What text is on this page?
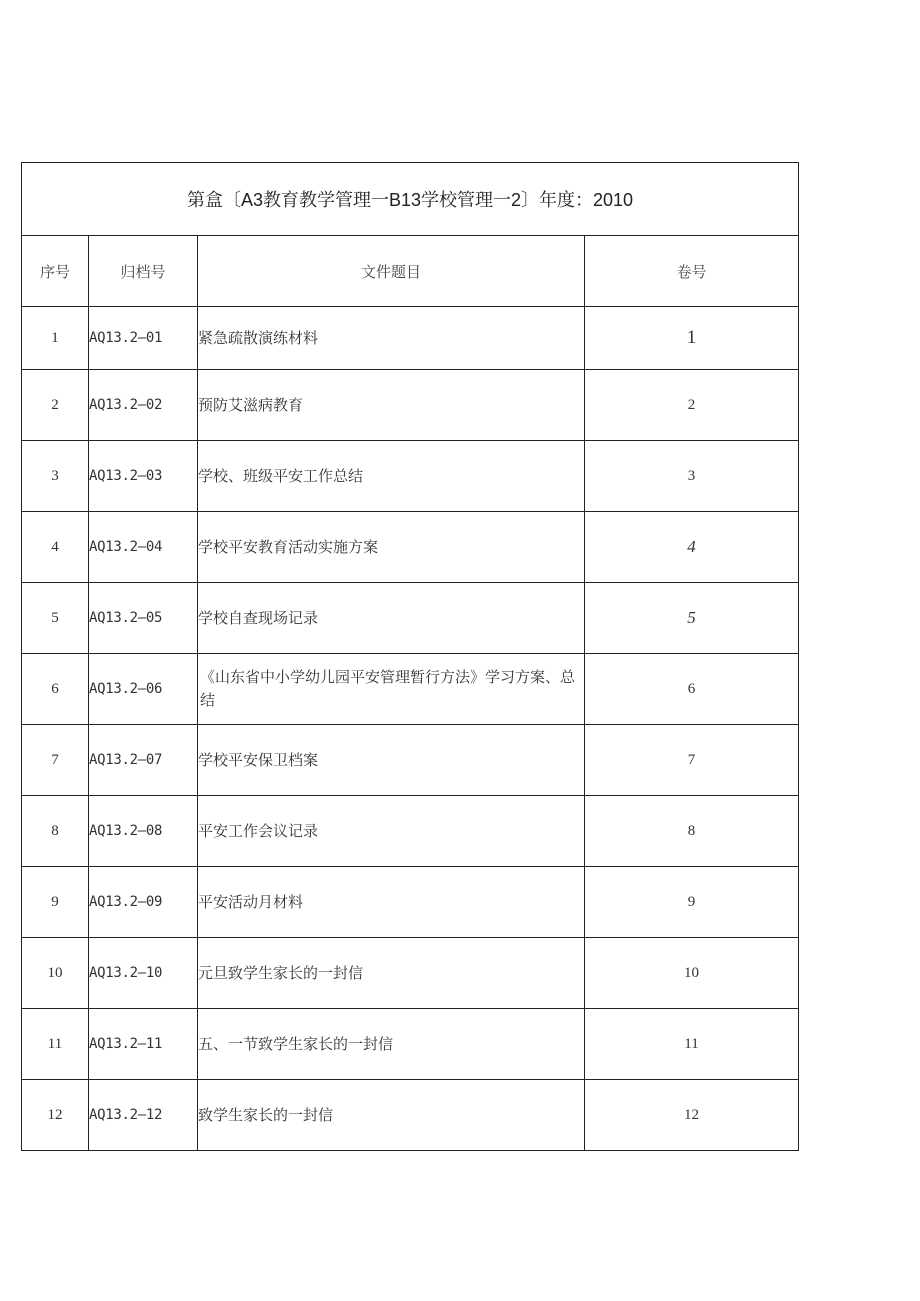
第盒〔A3教育教学管理一B13学校管理一2〕年度：2010			
序号	归档号	文件题目	卷号
1	AQ13.2—01	紧急疏散演练材料	1
2	AQ13.2—02	预防艾滋病教育	2
3	AQ13.2—03	学校、班级平安工作总结	3
4	AQ13.2—04	学校平安教育活动实施方案	4
5	AQ13.2—05	学校自查现场记录	5
6	AQ13.2—06	《山东省中小学幼儿园平安管理暂行方法》学习方案、总结	6
7	AQ13.2—07	学校平安保卫档案	7
8	AQ13.2—08	平安工作会议记录	8
9	AQ13.2—09	平安活动月材料	9
10	AQ13.2—10	元旦致学生家长的一封信	10
11	AQ13.2—11	五、一节致学生家长的一封信	11
12	AQ13.2—12	致学生家长的一封信	12
